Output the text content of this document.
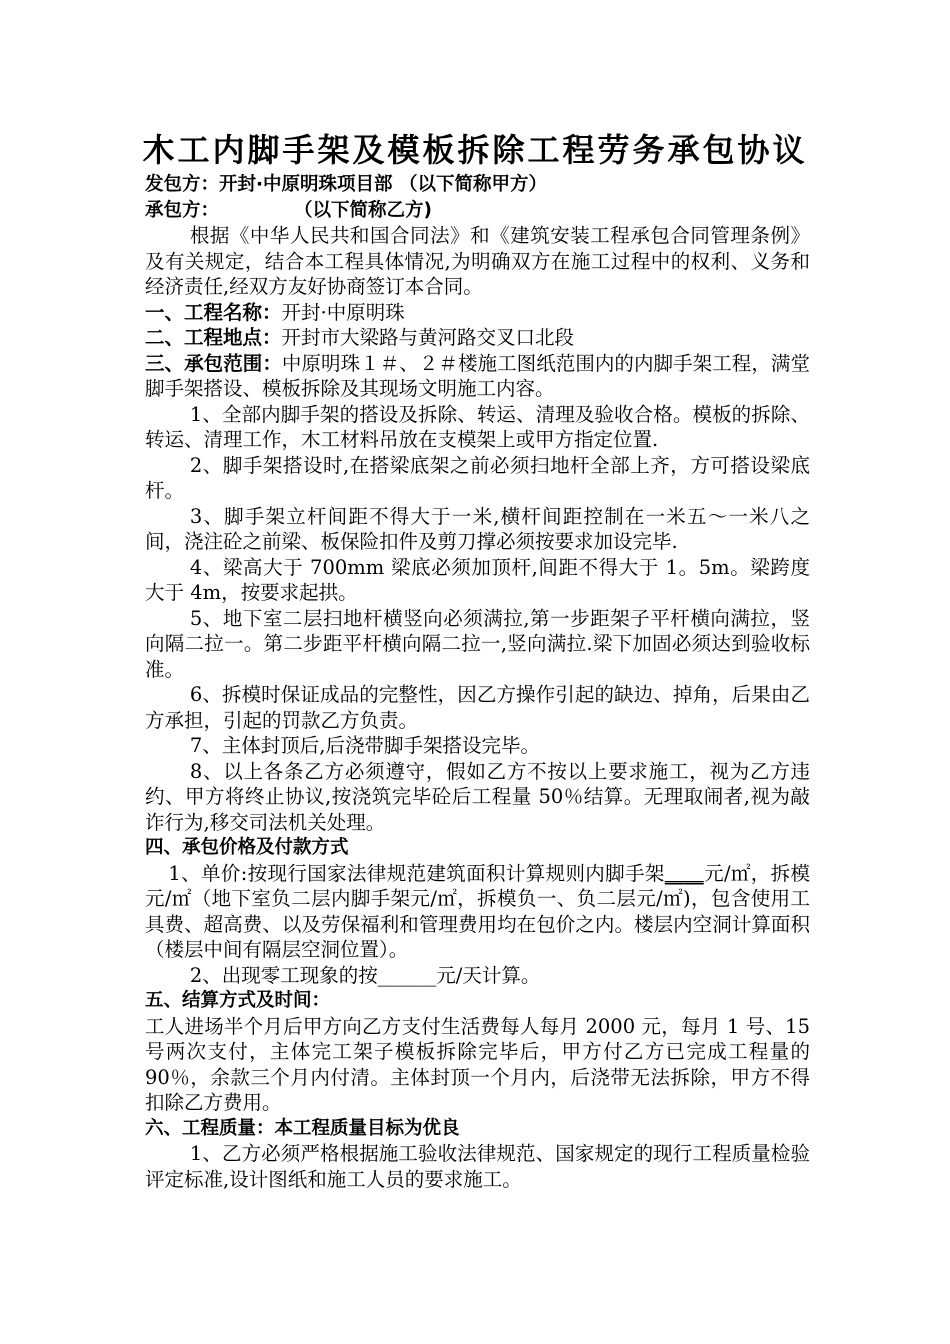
木工内脚手架及模板拆除工程劳务承包协议

发包方：开封·中原明珠项目部 （以下简称甲方）

承包方：	（以下简称乙方)

根据《中华人民共和国合同法》和《建筑安装工程承包合同管理条例》及有关规定，结合本工程具体情况,为明确双方在施工过程中的权利、义务和经济责任,经双方友好协商签订本合同。

一、工程名称：开封·中原明珠

二、工程地点：开封市大梁路与黄河路交叉口北段

三、承包范围：中原明珠１＃、２＃楼施工图纸范围内的内脚手架工程，满堂脚手架搭设、模板拆除及其现场文明施工内容。

1、全部内脚手架的搭设及拆除、转运、清理及验收合格。模板的拆除、转运、清理工作，木工材料吊放在支模架上或甲方指定位置.

2、脚手架搭设时,在搭梁底架之前必须扫地杆全部上齐，方可搭设梁底杆。

3、脚手架立杆间距不得大于一米,横杆间距控制在一米五～一米八之间，浇注砼之前梁、板保险扣件及剪刀撑必须按要求加设完毕.

4、梁高大于 700mm 梁底必须加顶杆,间距不得大于 1。5m。梁跨度大于 4m，按要求起拱。

5、地下室二层扫地杆横竖向必须满拉,第一步距架子平杆横向满拉，竖向隔二拉一。第二步距平杆横向隔二拉一,竖向满拉.梁下加固必须达到验收标准。

6、拆模时保证成品的完整性，因乙方操作引起的缺边、掉角，后果由乙方承担，引起的罚款乙方负责。

7、主体封顶后,后浇带脚手架搭设完毕。

8、以上各条乙方必须遵守，假如乙方不按以上要求施工，视为乙方违约、甲方将终止协议,按浇筑完毕砼后工程量 50％结算。无理取闹者,视为敲诈行为,移交司法机关处理。

四、承包价格及付款方式

1、单价:按现行国家法律规范建筑面积计算规则内脚手架____元/㎡，拆模元/㎡（地下室负二层内脚手架元/㎡，拆模负一、负二层元/㎡)，包含使用工具费、超高费、以及劳保福利和管理费用均在包价之内。楼层内空洞计算面积（楼层中间有隔层空洞位置）。

2、出现零工现象的按______元/天计算。

五、结算方式及时间：

工人进场半个月后甲方向乙方支付生活费每人每月 2000 元，每月 1 号、15 号两次支付，主体完工架子模板拆除完毕后，甲方付乙方已完成工程量的 90％，余款三个月内付清。主体封顶一个月内，后浇带无法拆除，甲方不得扣除乙方费用。

六、工程质量：本工程质量目标为优良

1、乙方必须严格根据施工验收法律规范、国家规定的现行工程质量检验评定标准,设计图纸和施工人员的要求施工。
